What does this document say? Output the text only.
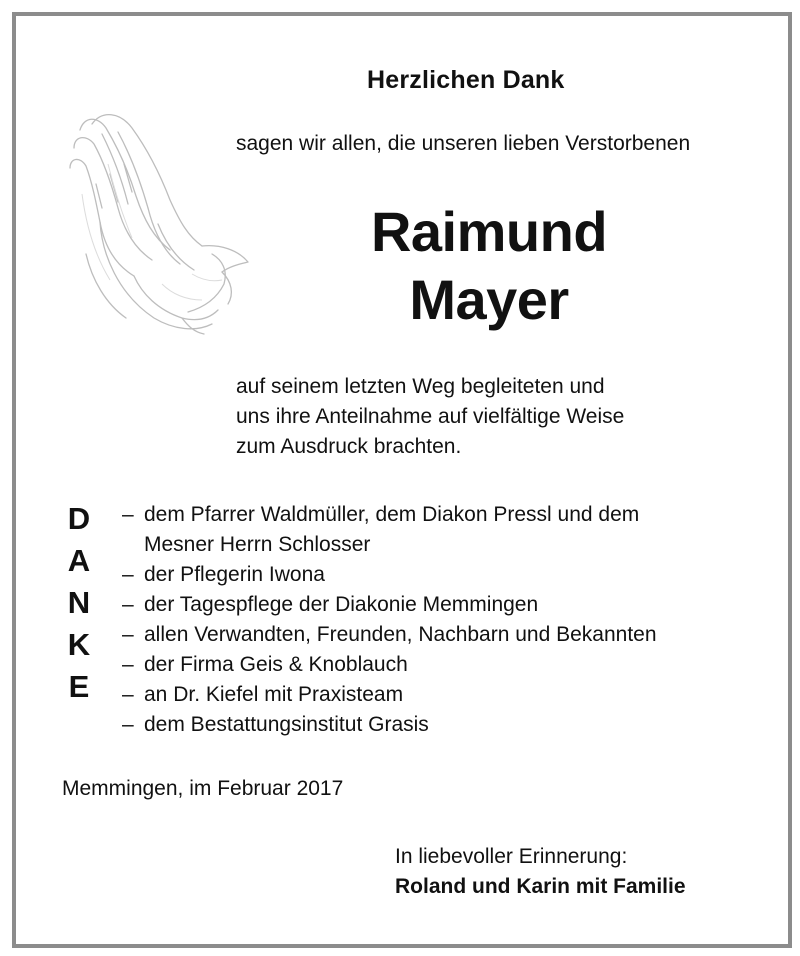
Herzlichen Dank
sagen wir allen, die unseren lieben Verstorbenen
Raimund
Mayer
auf seinem letzten Weg begleiteten und
uns ihre Anteilnahme auf vielfältige Weise
zum Ausdruck brachten.
D
A
N
K
E
– dem Pfarrer Waldmüller, dem Diakon Pressl und dem
Mesner Herrn Schlosser
– der Pflegerin Iwona
– der Tagespflege der Diakonie Memmingen
– allen Verwandten, Freunden, Nachbarn und Bekannten
– der Firma Geis & Knoblauch
– an Dr. Kiefel mit Praxisteam
– dem Bestattungsinstitut Grasis
Memmingen, im Februar 2017
In liebevoller Erinnerung:
Roland und Karin mit Familie
